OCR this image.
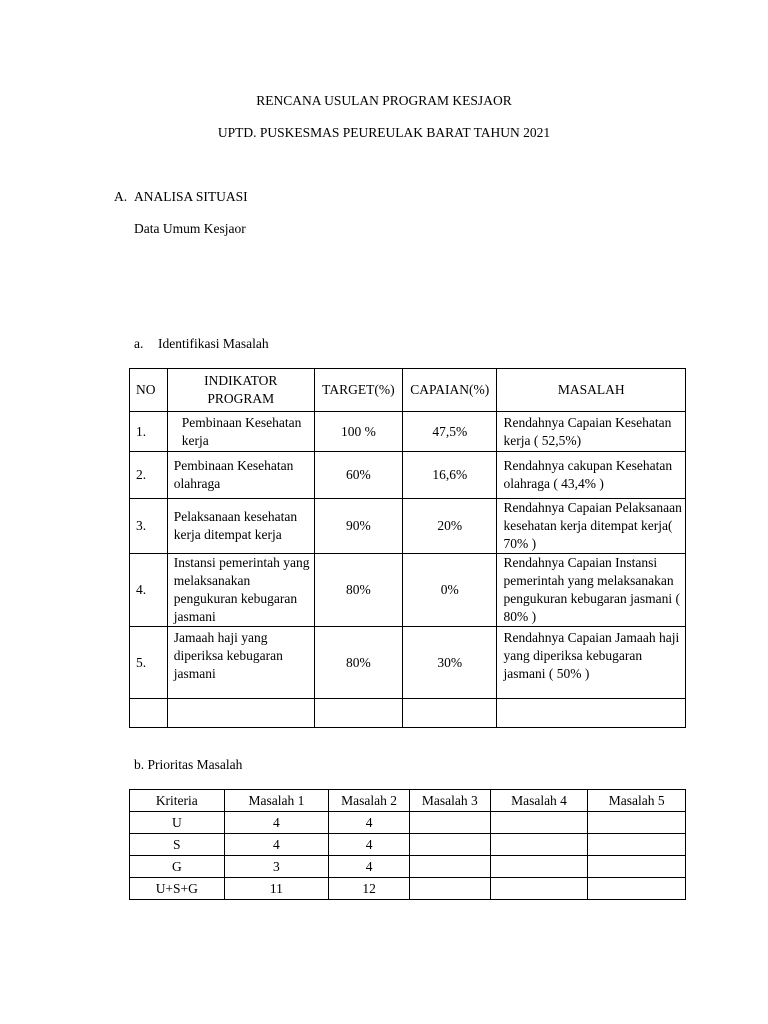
RENCANA USULAN PROGRAM KESJAOR
UPTD. PUSKESMAS PEUREULAK BARAT TAHUN 2021
A. ANALISA SITUASI
Data Umum Kesjaor
a. Identifikasi Masalah
NO	INDIKATOR PROGRAM	TARGET(%)	CAPAIAN(%)	MASALAH
1.	Pembinaan Kesehatan kerja	100 %	47,5%	Rendahnya Capaian Kesehatan kerja ( 52,5%)
2.	Pembinaan Kesehatan olahraga	60%	16,6%	Rendahnya cakupan Kesehatan olahraga ( 43,4% )
3.	Pelaksanaan kesehatan kerja ditempat kerja	90%	20%	Rendahnya Capaian Pelaksanaan kesehatan kerja ditempat kerja( 70% )
4.	Instansi pemerintah yang melaksanakan pengukuran kebugaran jasmani	80%	0%	Rendahnya Capaian Instansi pemerintah yang melaksanakan pengukuran kebugaran jasmani ( 80% )
5.	Jamaah haji yang diperiksa kebugaran jasmani	80%	30%	Rendahnya Capaian Jamaah haji yang diperiksa kebugaran jasmani ( 50% )

b. Prioritas Masalah
Kriteria	Masalah 1	Masalah 2	Masalah 3	Masalah 4	Masalah 5
U	4	4			
S	4	4			
G	3	4			
U+S+G	11	12			
